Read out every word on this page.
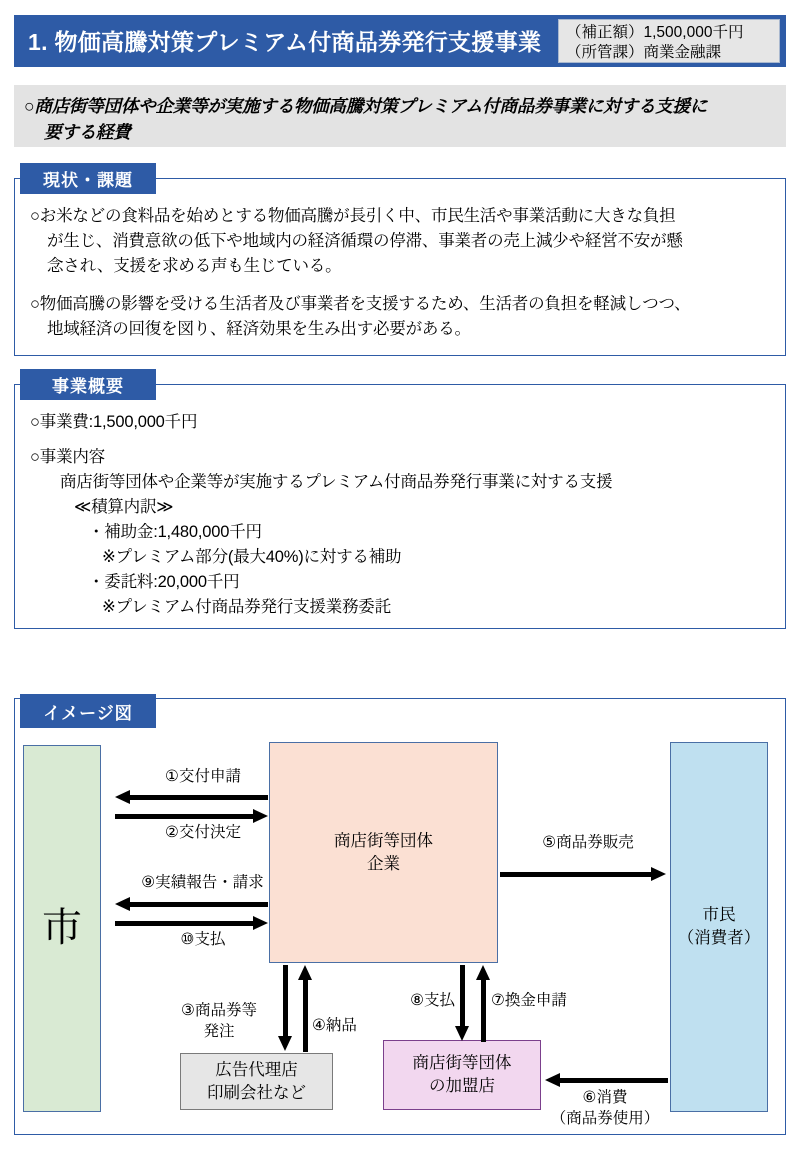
1. 物価高騰対策プレミアム付商品券発行支援事業 （補正額）1,500,000千円
（所管課）商業金融課
○商店街等団体や企業等が実施する物価高騰対策プレミアム付商品券事業に対する支援に
要する経費
現状・課題
○お米などの食料品を始めとする物価高騰が長引く中、市民生活や事業活動に大きな負担
が生じ、消費意欲の低下や地域内の経済循環の停滞、事業者の売上減少や経営不安が懸
念され、支援を求める声も生じている。
○物価高騰の影響を受ける生活者及び事業者を支援するため、生活者の負担を軽減しつつ、
地域経済の回復を図り、経済効果を生み出す必要がある。
事業概要
○事業費:1,500,000千円
○事業内容
商店街等団体や企業等が実施するプレミアム付商品券発行事業に対する支援
≪積算内訳≫
・補助金:1,480,000千円
※プレミアム部分(最大40%)に対する補助
・委託料:20,000千円
※プレミアム付商品券発行支援業務委託
イメージ図
市
商店街等団体
企業
市民
（消費者）
広告代理店
印刷会社など
商店街等団体
の加盟店
①交付申請
②交付決定
⑨実績報告・請求
⑩支払
⑤商品券販売
③商品券等
発注	④納品
⑧支払 ⑦換金申請
⑥消費
（商品券使用）
